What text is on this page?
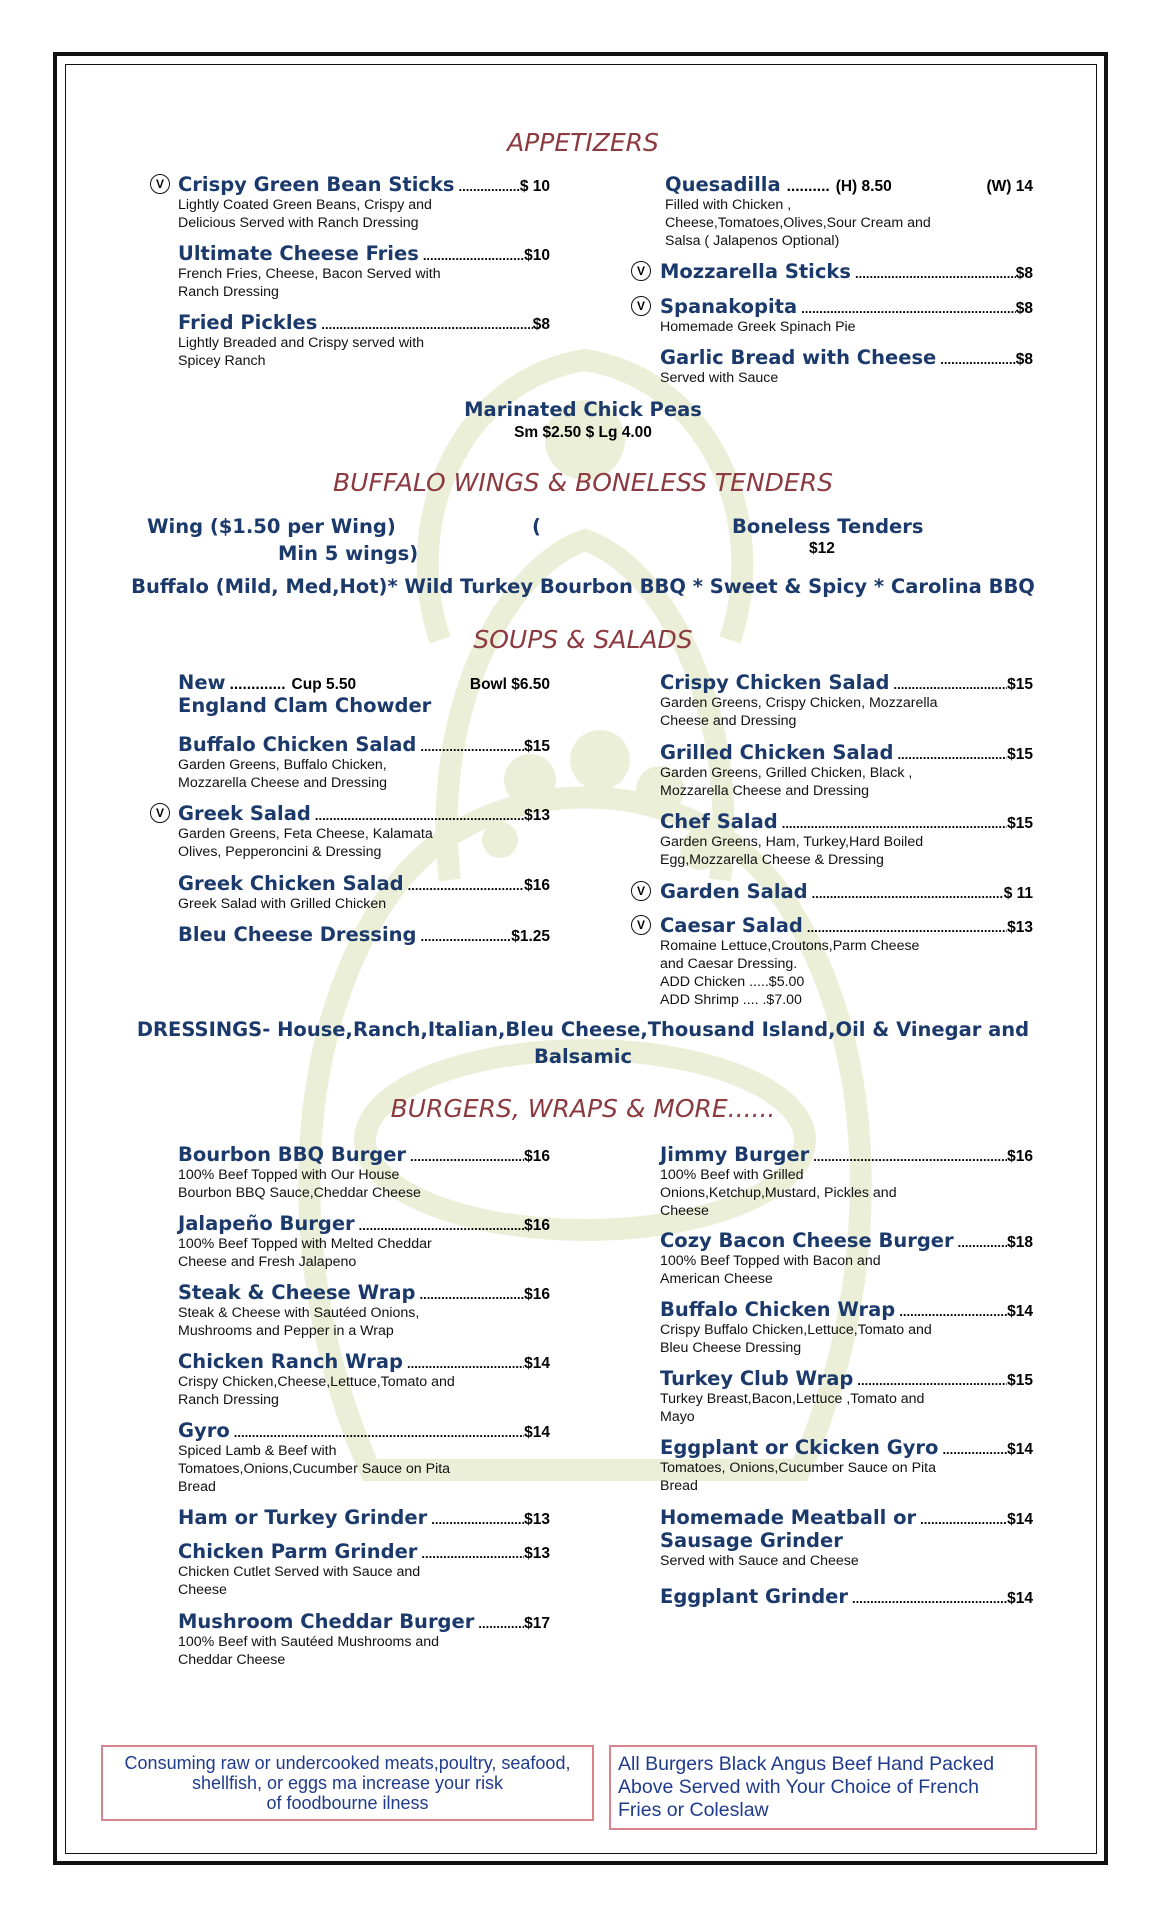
APPETIZERS
BUFFALO WINGS & BONELESS TENDERS
SOUPS & SALADS
BURGERS, WRAPS & MORE......
V Crispy Green Bean Sticks .....	$ 10
Lightly Coated Green Beans, Crispy and
Delicious Served with Ranch Dressing
Ultimate Cheese Fries .....	$10
French Fries, Cheese, Bacon Served with
Ranch Dressing
Fried Pickles .....	$8
Lightly Breaded and Crispy served with
Spicey Ranch
Quesadilla .......... (H) 8.50	(W) 14
Filled with Chicken ,
Cheese,Tomatoes,Olives,Sour Cream and
Salsa ( Jalapenos Optional)
V Mozzarella Sticks .....	$8
V Spanakopita .....	$8
Homemade Greek Spinach Pie
Garlic Bread with Cheese .....	$8
Served with Sauce
Marinated Chick Peas
Sm $2.50 $ Lg 4.00
Wing ($1.50 per Wing)	(
Min 5 wings)
Boneless Tenders
$12
Buffalo (Mild, Med,Hot)* Wild Turkey Bourbon BBQ * Sweet & Spicy * Carolina BBQ
New ............. Cup 5.50	Bowl $6.50
England Clam Chowder
Buffalo Chicken Salad .....	$15
Garden Greens, Buffalo Chicken,
Mozzarella Cheese and Dressing
V Greek Salad .....	$13
Garden Greens, Feta Cheese, Kalamata
Olives, Pepperoncini & Dressing
Greek Chicken Salad .....	$16
Greek Salad with Grilled Chicken
Bleu Cheese Dressing .....	$1.25
Crispy Chicken Salad .....	$15
Garden Greens, Crispy Chicken, Mozzarella
Cheese and Dressing
Grilled Chicken Salad .....	$15
Garden Greens, Grilled Chicken, Black ,
Mozzarella Cheese and Dressing
Chef Salad .....	$15
Garden Greens, Ham, Turkey,Hard Boiled
Egg,Mozzarella Cheese & Dressing
V Garden Salad .....	$ 11
V Caesar Salad .....	$13
Romaine Lettuce,Croutons,Parm Cheese
and Caesar Dressing.
ADD Chicken .....$5.00
ADD Shrimp .... .$7.00
DRESSINGS- House,Ranch,Italian,Bleu Cheese,Thousand Island,Oil & Vinegar and
Balsamic
Bourbon BBQ Burger .....	$16
100% Beef Topped with Our House
Bourbon BBQ Sauce,Cheddar Cheese
Jalapeño Burger .....	$16
100% Beef Topped with Melted Cheddar
Cheese and Fresh Jalapeno
Steak & Cheese Wrap .....	$16
Steak & Cheese with Sautéed Onions,
Mushrooms and Pepper in a Wrap
Chicken Ranch Wrap .....	$14
Crispy Chicken,Cheese,Lettuce,Tomato and
Ranch Dressing
Gyro .....	$14
Spiced Lamb & Beef with
Tomatoes,Onions,Cucumber Sauce on Pita
Bread
Ham or Turkey Grinder .....	$13
Chicken Parm Grinder .....	$13
Chicken Cutlet Served with Sauce and
Cheese
Mushroom Cheddar Burger .....	$17
100% Beef with Sautéed Mushrooms and
Cheddar Cheese
Jimmy Burger .....	$16
100% Beef with Grilled
Onions,Ketchup,Mustard, Pickles and
Cheese
Cozy Bacon Cheese Burger .....	$18
100% Beef Topped with Bacon and
American Cheese
Buffalo Chicken Wrap .....	$14
Crispy Buffalo Chicken,Lettuce,Tomato and
Bleu Cheese Dressing
Turkey Club Wrap .....	$15
Turkey Breast,Bacon,Lettuce ,Tomato and
Mayo
Eggplant or Ckicken Gyro .....	$14
Tomatoes, Onions,Cucumber Sauce on Pita
Bread
Homemade Meatball or .....	$14
Sausage Grinder
Served with Sauce and Cheese
Eggplant Grinder .....	$14
Consuming raw or undercooked meats,poultry, seafood,
shellfish, or eggs ma increase your risk
of foodbourne ilness
All Burgers Black Angus Beef Hand Packed
Above Served with Your Choice of French
Fries or Coleslaw
